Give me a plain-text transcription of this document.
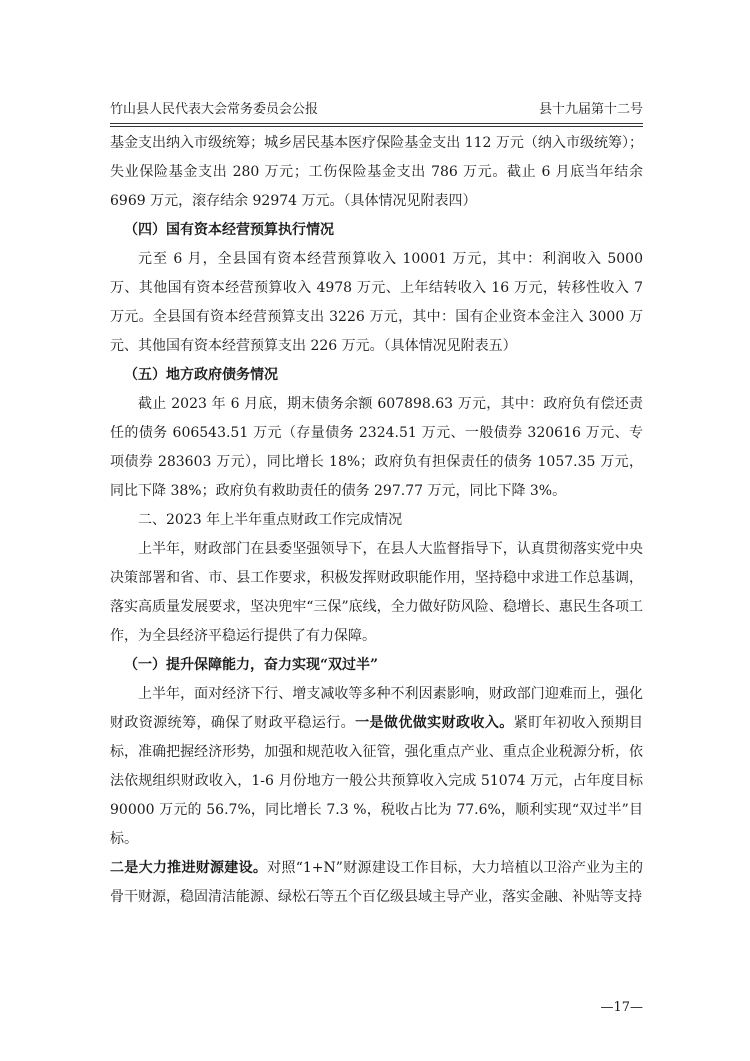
竹山县人民代表大会常务委员会公报	县十九届第十二号

基金支出纳入市级统筹；城乡居民基本医疗保险基金支出 112 万元（纳入市级统筹）；失业保险基金支出 280 万元；工伤保险基金支出 786 万元。截止 6 月底当年结余 6969 万元，滚存结余 92974 万元。（具体情况见附表四）

（四）国有资本经营预算执行情况

元至 6 月，全县国有资本经营预算收入 10001 万元，其中：利润收入 5000 万、其他国有资本经营预算收入 4978 万元、上年结转收入 16 万元，转移性收入 7 万元。全县国有资本经营预算支出 3226 万元，其中：国有企业资本金注入 3000 万元、其他国有资本经营预算支出 226 万元。（具体情况见附表五）

（五）地方政府债务情况

截止 2023 年 6 月底，期末债务余额 607898.63 万元，其中：政府负有偿还责任的债务 606543.51 万元（存量债务 2324.51 万元、一般债券 320616 万元、专项债券 283603 万元），同比增长 18%；政府负有担保责任的债务 1057.35 万元，同比下降 38%；政府负有救助责任的债务 297.77 万元，同比下降 3%。

二、2023 年上半年重点财政工作完成情况

上半年，财政部门在县委坚强领导下，在县人大监督指导下，认真贯彻落实党中央决策部署和省、市、县工作要求，积极发挥财政职能作用，坚持稳中求进工作总基调，落实高质量发展要求，坚决兜牢“三保”底线，全力做好防风险、稳增长、惠民生各项工作，为全县经济平稳运行提供了有力保障。

（一）提升保障能力，奋力实现“双过半”

上半年，面对经济下行、增支减收等多种不利因素影响，财政部门迎难而上，强化财政资源统筹，确保了财政平稳运行。一是做优做实财政收入。紧盯年初收入预期目标，准确把握经济形势，加强和规范收入征管，强化重点产业、重点企业税源分析，依法依规组织财政收入，1-6 月份地方一般公共预算收入完成 51074 万元，占年度目标 90000 万元的 56.7%，同比增长 7.3 %，税收占比为 77.6%，顺利实现“双过半”目标。

二是大力推进财源建设。对照“1+N”财源建设工作目标，大力培植以卫浴产业为主的骨干财源，稳固清洁能源、绿松石等五个百亿级县域主导产业，落实金融、补贴等支持

—17—
